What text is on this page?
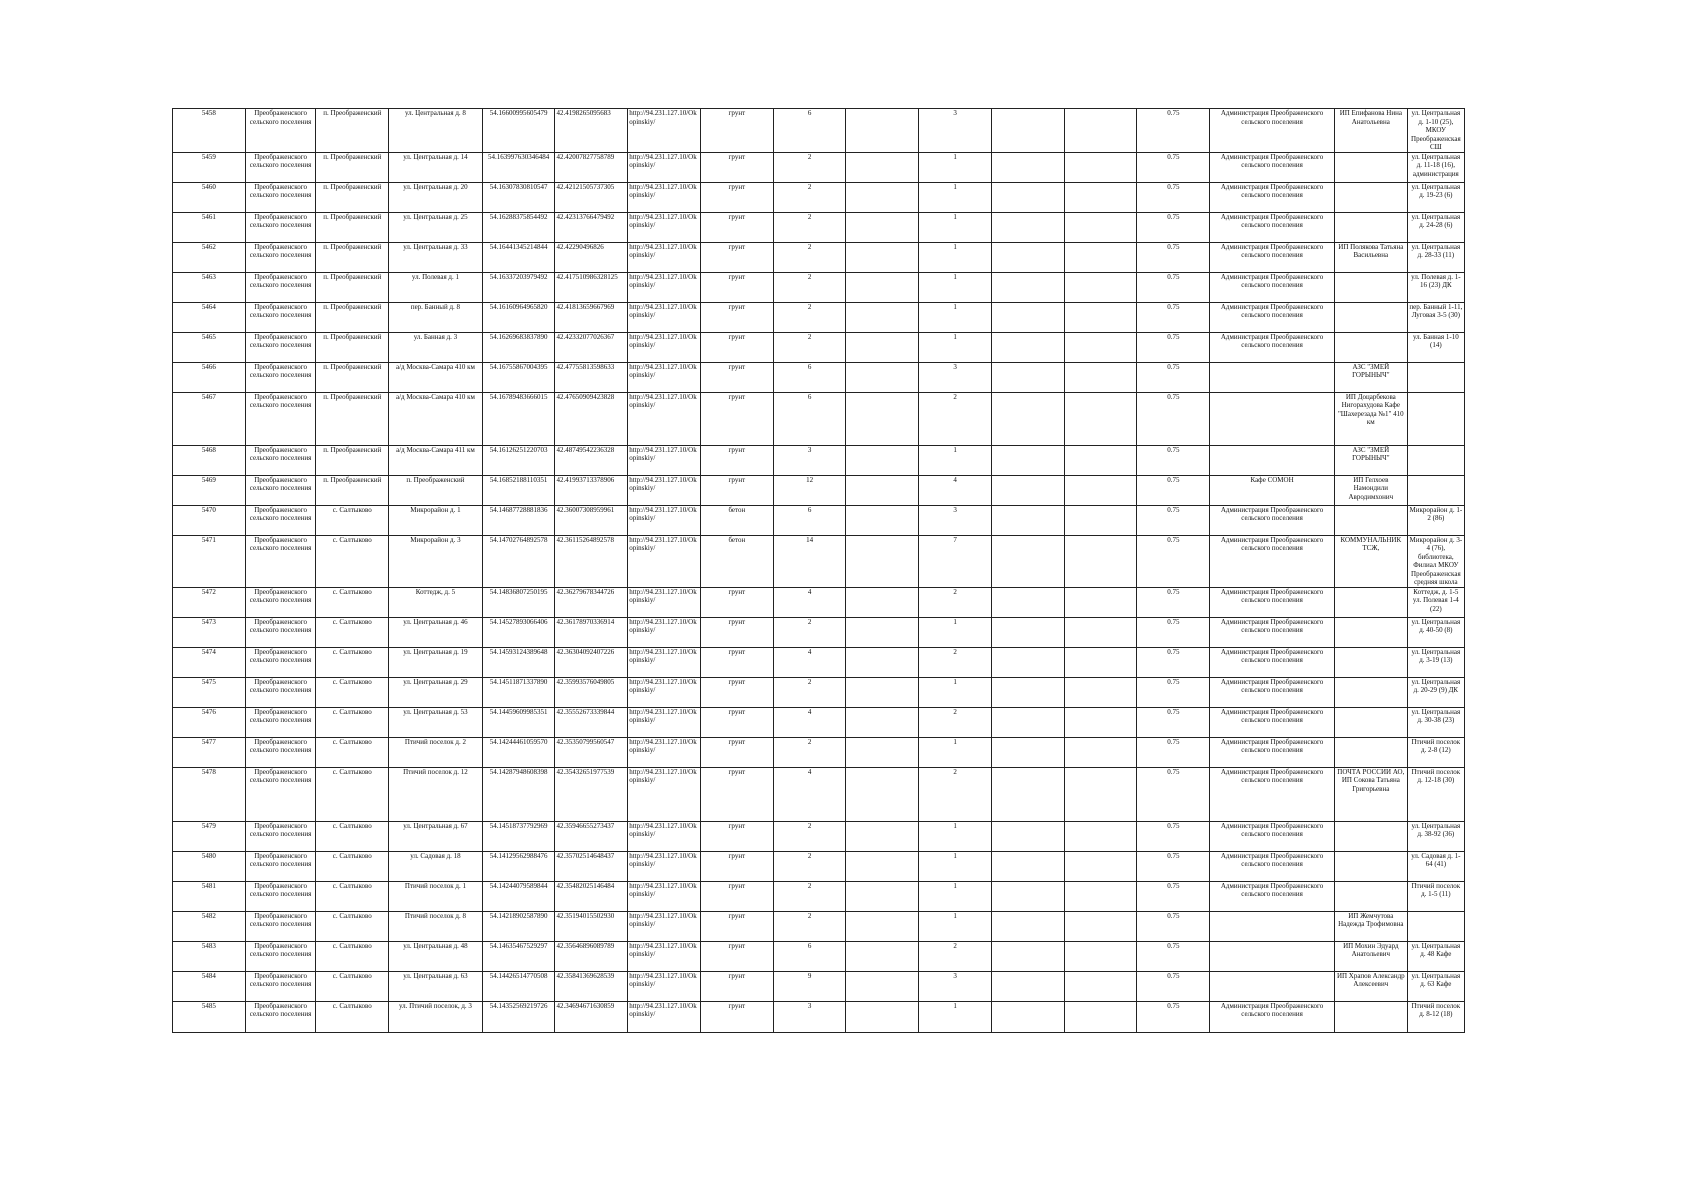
5458	Преображенского сельского поселения	п. Преображенский	ул. Центральная д. 8	54.16600995605479	42.4198265095683	http://94.231.127.10/Okopinskiy/	грунт	6		3			0.75	Администрация Преображенского сельского поселения	ИП Епифанова Нина Анатольевна	ул. Центральная д. 1-10 (25), МКОУ Преображенская СШ
5459	Преображенского сельского поселения	п. Преображенский	ул. Центральная д. 14	54.163997630346484	42.42007827758789	http://94.231.127.10/Okopinskiy/	грунт	2		1			0.75	Администрация Преображенского сельского поселения		ул. Центральная д. 11-18 (16), администрация
5460	Преображенского сельского поселения	п. Преображенский	ул. Центральная д. 20	54.16307830810547	42.42121505737305	http://94.231.127.10/Okopinskiy/	грунт	2		1			0.75	Администрация Преображенского сельского поселения		ул. Центральная д. 19-23 (6)
5461	Преображенского сельского поселения	п. Преображенский	ул. Центральная д. 25	54.16288375854492	42.42313766479492	http://94.231.127.10/Okopinskiy/	грунт	2		1			0.75	Администрация Преображенского сельского поселения		ул. Центральная д. 24-28 (6)
5462	Преображенского сельского поселения	п. Преображенский	ул. Центральная д. 33	54.16441345214844	42.42290496826	http://94.231.127.10/Okopinskiy/	грунт	2		1			0.75	Администрация Преображенского сельского поселения	ИП Полякова Татьяна Васильевна	ул. Центральная д. 28-33 (11)
5463	Преображенского сельского поселения	п. Преображенский	ул. Полевая д. 1	54.16337203979492	42.417510986328125	http://94.231.127.10/Okopinskiy/	грунт	2		1			0.75	Администрация Преображенского сельского поселения		ул. Полевая д. 1-16 (23) ДК
5464	Преображенского сельского поселения	п. Преображенский	пер. Банный д. 8	54.16160964965820	42.41813659667969	http://94.231.127.10/Okopinskiy/	грунт	2		1			0.75	Администрация Преображенского сельского поселения		пер. Банный 1-11, Луговая 3-5 (30)
5465	Преображенского сельского поселения	п. Преображенский	ул. Банная д. 3	54.16269683837890	42.42332077026367	http://94.231.127.10/Okopinskiy/	грунт	2		1			0.75	Администрация Преображенского сельского поселения		ул. Банная 1-10 (14)
5466	Преображенского сельского поселения	п. Преображенский	а/д Москва-Самара 410 км	54.16755867004395	42.47755813598633	http://94.231.127.10/Okopinskiy/	грунт	6		3			0.75		АЗС "ЗМЕЙ ГОРЫНЫЧ"	
5467	Преображенского сельского поселения	п. Преображенский	а/д Москва-Самара 410 км	54.16789483666015	42.47650909423828	http://94.231.127.10/Okopinskiy/	грунт	6		2			0.75		ИП Доцарбекова Нигорахудова Кафе "Шахерезада №1" 410 км	
5468	Преображенского сельского поселения	п. Преображенский	а/д Москва-Самара 411 км	54.16126251220703	42.48749542236328	http://94.231.127.10/Okopinskiy/	грунт	3		1			0.75		АЗС "ЗМЕЙ ГОРЫНЫЧ"	
5469	Преображенского сельского поселения	п. Преображенский	п. Преображенский	54.16852188110351	42.41993713378906	http://94.231.127.10/Okopinskiy/	грунт	12		4			0.75	Кафе СОМОН	ИП Гелхоев Намондили Авродимхонич	
5470	Преображенского сельского поселения	с. Салтыково	Микрорайон д. 1	54.14687728881836	42.36007308959961	http://94.231.127.10/Okopinskiy/	бетон	6		3			0.75	Администрация Преображенского сельского поселения		Микрорайон д. 1-2 (86)
5471	Преображенского сельского поселения	с. Салтыково	Микрорайон д. 3	54.14702764892578	42.36115264892578	http://94.231.127.10/Okopinskiy/	бетон	14		7			0.75	Администрация Преображенского сельского поселения	КОММУНАЛЬНИК ТСЖ,	Микрорайон д. 3-4 (76), библиотека, Филиал МКОУ Преображенская средняя школа
5472	Преображенского сельского поселения	с. Салтыково	Коттедж, д. 5	54.14836807250195	42.36279678344726	http://94.231.127.10/Okopinskiy/	грунт	4		2			0.75	Администрация Преображенского сельского поселения		Коттедж, д. 1-5 ул. Полевая 1-4 (22)
5473	Преображенского сельского поселения	с. Салтыково	ул. Центральная д. 46	54.14527893066406	42.36178970336914	http://94.231.127.10/Okopinskiy/	грунт	2		1			0.75	Администрация Преображенского сельского поселения		ул. Центральная д. 40-50 (8)
5474	Преображенского сельского поселения	с. Салтыково	ул. Центральная д. 19	54.14593124389648	42.36304092407226	http://94.231.127.10/Okopinskiy/	грунт	4		2			0.75	Администрация Преображенского сельского поселения		ул. Центральная д. 3-19 (13)
5475	Преображенского сельского поселения	с. Салтыково	ул. Центральная д. 29	54.14511871337890	42.35993576049805	http://94.231.127.10/Okopinskiy/	грунт	2		1			0.75	Администрация Преображенского сельского поселения		ул. Центральная д. 20-29 (9) ДК
5476	Преображенского сельского поселения	с. Салтыково	ул. Центральная д. 53	54.14459609985351	42.35552673339844	http://94.231.127.10/Okopinskiy/	грунт	4		2			0.75	Администрация Преображенского сельского поселения		ул. Центральная д. 30-38 (23)
5477	Преображенского сельского поселения	с. Салтыково	Птичий поселок д. 2	54.14244461059570	42.35350799560547	http://94.231.127.10/Okopinskiy/	грунт	2		1			0.75	Администрация Преображенского сельского поселения		Птичий поселок д. 2-8 (12)
5478	Преображенского сельского поселения	с. Салтыково	Птичий поселок д. 12	54.14287948608398	42.35432651977539	http://94.231.127.10/Okopinskiy/	грунт	4		2			0.75	Администрация Преображенского сельского поселения	ПОЧТА РОССИИ АО, ИП Сокова Татьяна Григорьевна	Птичий поселок д. 12-18 (30)
5479	Преображенского сельского поселения	с. Салтыково	ул. Центральная д. 67	54.14518737792969	42.35946655273437	http://94.231.127.10/Okopinskiy/	грунт	2		1			0.75	Администрация Преображенского сельского поселения		ул. Центральная д. 38-92 (36)
5480	Преображенского сельского поселения	с. Салтыково	ул. Садовая д. 18	54.14129562988476	42.35702514648437	http://94.231.127.10/Okopinskiy/	грунт	2		1			0.75	Администрация Преображенского сельского поселения		ул. Садовая д. 1-64 (41)
5481	Преображенского сельского поселения	с. Салтыково	Птичий поселок д. 1	54.14244079589844	42.35482025146484	http://94.231.127.10/Okopinskiy/	грунт	2		1			0.75	Администрация Преображенского сельского поселения		Птичий поселок д. 1-5 (11)
5482	Преображенского сельского поселения	с. Салтыково	Птичий поселок д. 8	54.14218902587890	42.35194015502930	http://94.231.127.10/Okopinskiy/	грунт	2		1			0.75		ИП Жемчутова Надежда Трофимовна	
5483	Преображенского сельского поселения	с. Салтыково	ул. Центральная д. 48	54.14635467529297	42.35646896089789	http://94.231.127.10/Okopinskiy/	грунт	6		2			0.75		ИП Мохин Эдуард Анатольевич	ул. Центральная д. 48 Кафе
5484	Преображенского сельского поселения	с. Салтыково	ул. Центральная д. 63	54.14426514770508	42.35841369628539	http://94.231.127.10/Okopinskiy/	грунт	9		3			0.75		ИП Храпов Александр Алексеевич	ул. Центральная д. 63 Кафе
5485	Преображенского сельского поселения	с. Салтыково	ул. Птичий поселок, д. 3	54.14352569219726	42.34694671630859	http://94.231.127.10/Okopinskiy/	грунт	3		1			0.75	Администрация Преображенского сельского поселения		Птичий поселок д. 8-12 (18)
